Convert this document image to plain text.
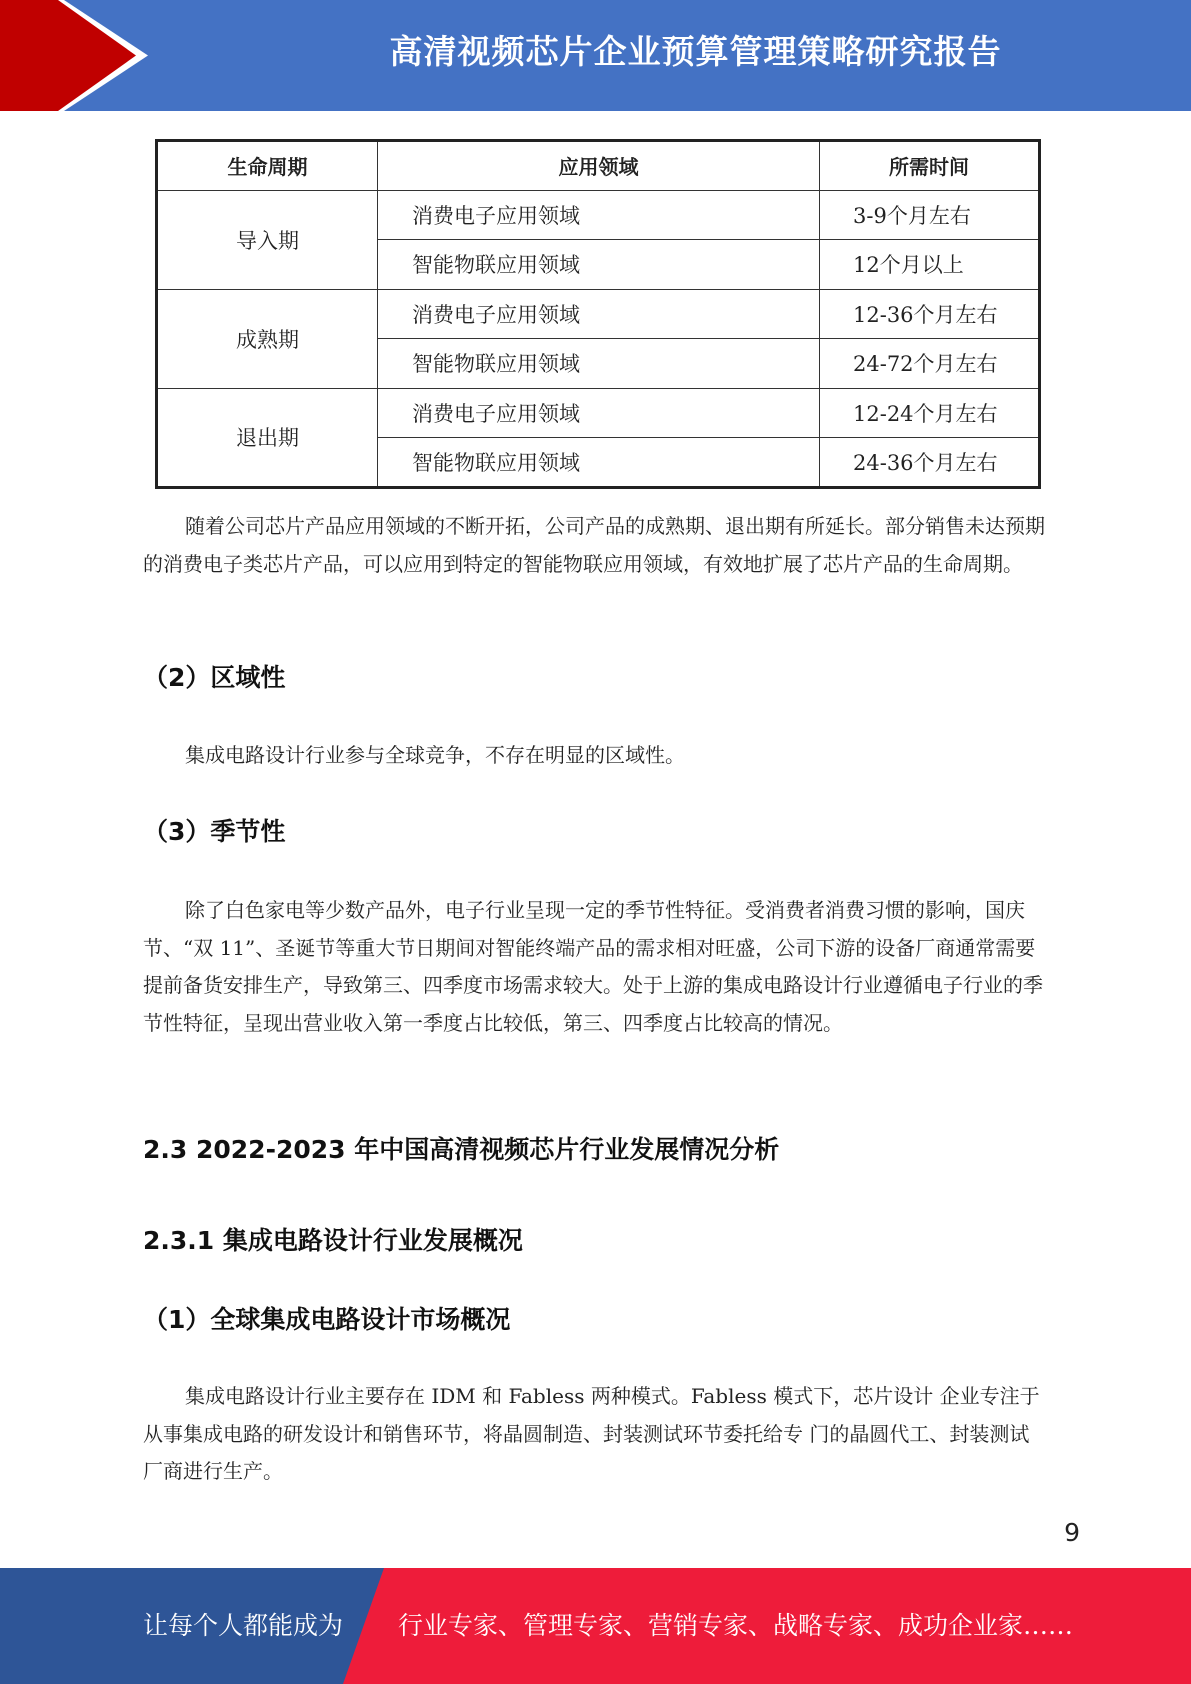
高清视频芯片企业预算管理策略研究报告
生命周期	应用领域	所需时间
导入期	消费电子应用领域	3-9个月左右
	智能物联应用领域	12个月以上
成熟期	消费电子应用领域	12-36个月左右
	智能物联应用领域	24-72个月左右
退出期	消费电子应用领域	12-24个月左右
	智能物联应用领域	24-36个月左右

随着公司芯片产品应用领域的不断开拓，公司产品的成熟期、退出期有所延长。部分销售未达预期的消费电子类芯片产品，可以应用到特定的智能物联应用领域，有效地扩展了芯片产品的生命周期。

（2）区域性

集成电路设计行业参与全球竞争，不存在明显的区域性。

（3）季节性

除了白色家电等少数产品外，电子行业呈现一定的季节性特征。受消费者消费习惯的影响，国庆节、“双 11”、圣诞节等重大节日期间对智能终端产品的需求相对旺盛，公司下游的设备厂商通常需要提前备货安排生产，导致第三、四季度市场需求较大。处于上游的集成电路设计行业遵循电子行业的季节性特征，呈现出营业收入第一季度占比较低，第三、四季度占比较高的情况。

2.3 2022-2023 年中国高清视频芯片行业发展情况分析
2.3.1 集成电路设计行业发展概况
（1）全球集成电路设计市场概况

集成电路设计行业主要存在 IDM 和 Fabless 两种模式。Fabless 模式下，芯片设计 企业专注于从事集成电路的研发设计和销售环节，将晶圆制造、封装测试环节委托给专 门的晶圆代工、封装测试厂商进行生产。

9
让每个人都能成为 行业专家、管理专家、营销专家、战略专家、成功企业家……
